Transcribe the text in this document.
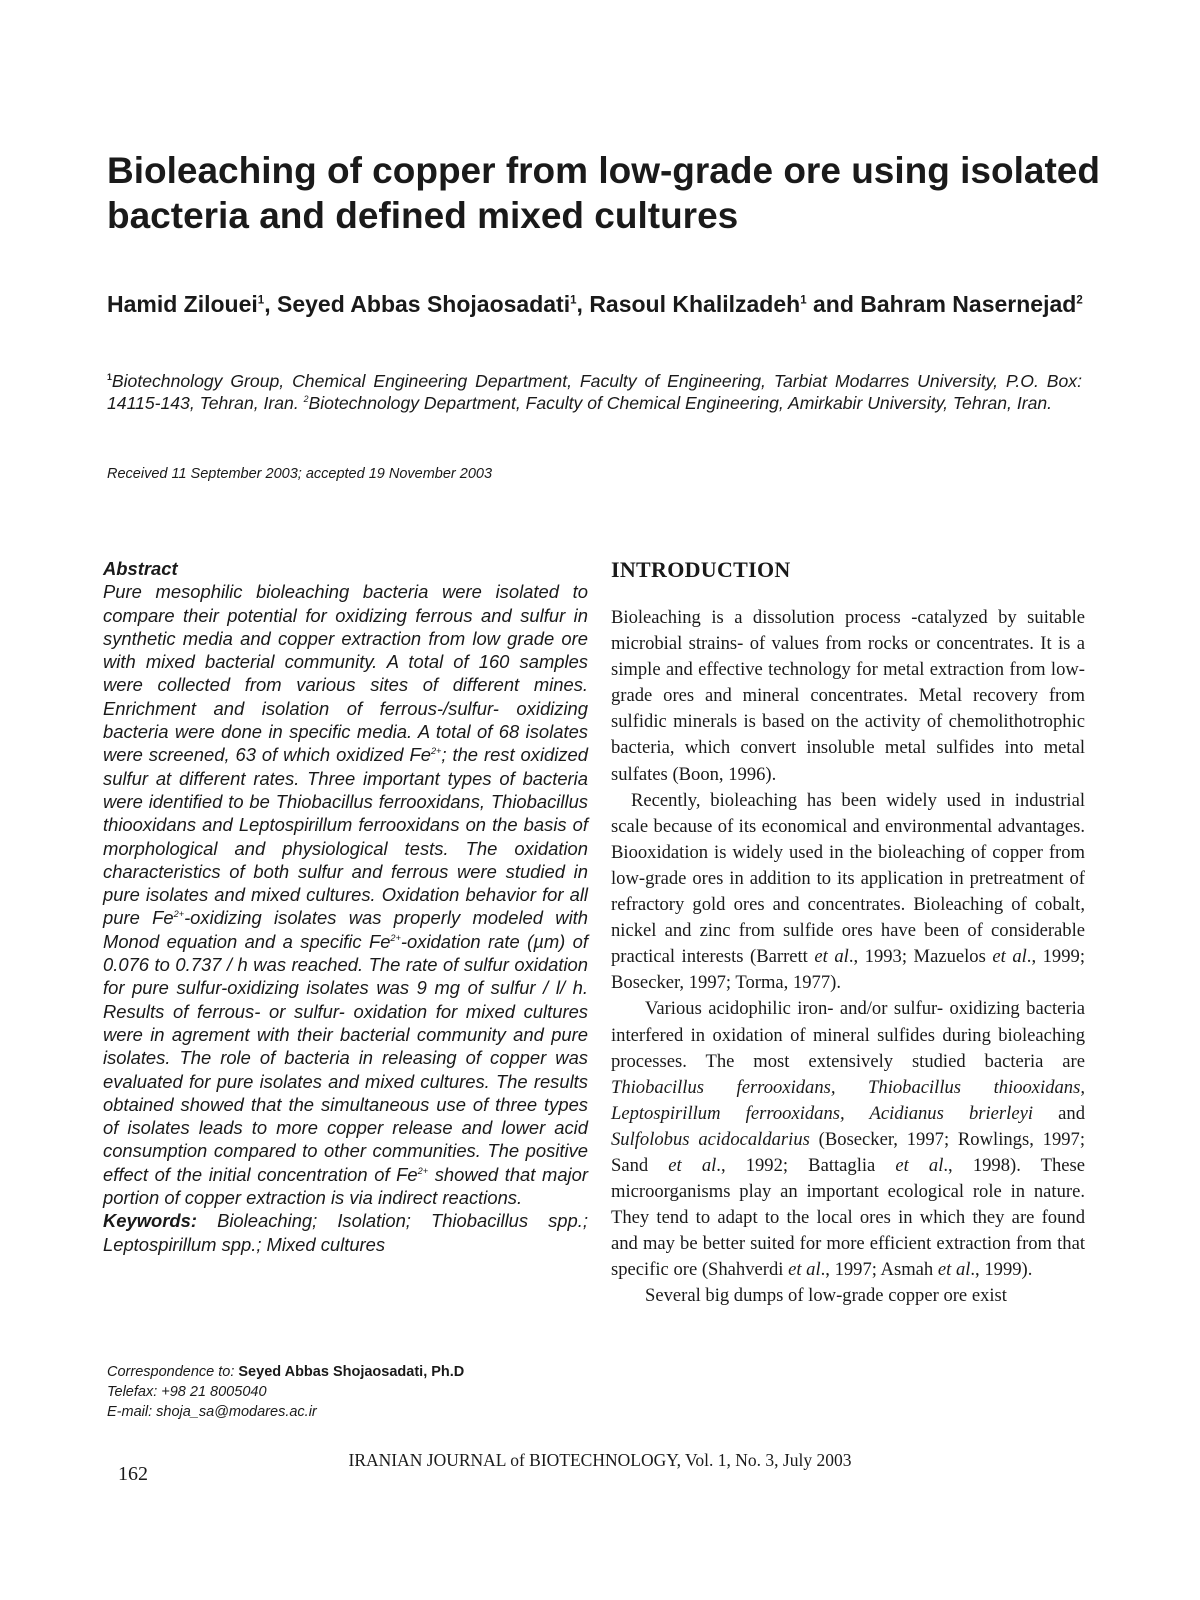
Bioleaching of copper from low-grade ore using isolated bacteria and defined mixed cultures

Hamid Zilouei$^1$, Seyed Abbas Shojaosadati$^1$, Rasoul Khalilzadeh$^1$ and Bahram Nasernejad$^2$

$^1$Biotechnology Group, Chemical Engineering Department, Faculty of Engineering, Tarbiat Modarres University, P.O. Box: 14115-143, Tehran, Iran. $^2$Biotechnology Department, Faculty of Chemical Engineering, Amirkabir University, Tehran, Iran.

Received 11 September 2003; accepted 19 November 2003

Abstract

Pure mesophilic bioleaching bacteria were isolated to compare their potential for oxidizing ferrous and sulfur in synthetic media and copper extraction from low grade ore with mixed bacterial community. A total of 160 samples were collected from various sites of different mines. Enrichment and isolation of ferrous-/sulfur- oxidizing bacteria were done in specific media. A total of 68 isolates were screened, 63 of which oxidized $Fe^{2+}$; the rest oxidized sulfur at different rates. Three important types of bacteria were identified to be Thiobacillus ferrooxidans, Thiobacillus thiooxidans and Leptospirillum ferrooxidans on the basis of morphological and physiological tests. The oxidation characteristics of both sulfur and ferrous were studied in pure isolates and mixed cultures. Oxidation behavior for all pure $Fe^{2+}$-oxidizing isolates was properly modeled with Monod equation and a specific $Fe^{2+}$-oxidation rate (µm) of 0.076 to 0.737 / h was reached. The rate of sulfur oxidation for pure sulfur-oxidizing isolates was 9 mg of sulfur / l/ h. Results of ferrous- or sulfur- oxidation for mixed cultures were in agrement with their bacterial community and pure isolates. The role of bacteria in releasing of copper was evaluated for pure isolates and mixed cultures. The results obtained showed that the simultaneous use of three types of isolates leads to more copper release and lower acid consumption compared to other communities. The positive effect of the initial concentration of $Fe^{2+}$ showed that major portion of copper extraction is via indirect reactions.

Keywords: Bioleaching; Isolation; Thiobacillus spp.; Leptospirillum spp.; Mixed cultures

Correspondence to: Seyed Abbas Shojaosadati, Ph.D
Telefax: +98 21 8005040
E-mail: shoja_sa@modares.ac.ir
INTRODUCTION

Bioleaching is a dissolution process -catalyzed by suitable microbial strains- of values from rocks or concentrates. It is a simple and effective technology for metal extraction from low-grade ores and mineral concentrates. Metal recovery from sulfidic minerals is based on the activity of chemolithotrophic bacteria, which convert insoluble metal sulfides into metal sulfates (Boon, 1996).

Recently, bioleaching has been widely used in industrial scale because of its economical and environmental advantages. Biooxidation is widely used in the bioleaching of copper from low-grade ores in addition to its application in pretreatment of refractory gold ores and concentrates. Bioleaching of cobalt, nickel and zinc from sulfide ores have been of considerable practical interests (Barrett et al., 1993; Mazuelos et al., 1999; Bosecker, 1997; Torma, 1977).

Various acidophilic iron- and/or sulfur- oxidizing bacteria interfered in oxidation of mineral sulfides during bioleaching processes. The most extensively studied bacteria are Thiobacillus ferrooxidans, Thiobacillus thiooxidans, Leptospirillum ferrooxidans, Acidianus brierleyi and Sulfolobus acidocaldarius (Bosecker, 1997; Rowlings, 1997; Sand et al., 1992; Battaglia et al., 1998). These microorganisms play an important ecological role in nature. They tend to adapt to the local ores in which they are found and may be better suited for more efficient extraction from that specific ore (Shahverdi et al., 1997; Asmah et al., 1999).

Several big dumps of low-grade copper ore exist

IRANIAN JOURNAL of BIOTECHNOLOGY, Vol. 1, No. 3, July 2003

162
